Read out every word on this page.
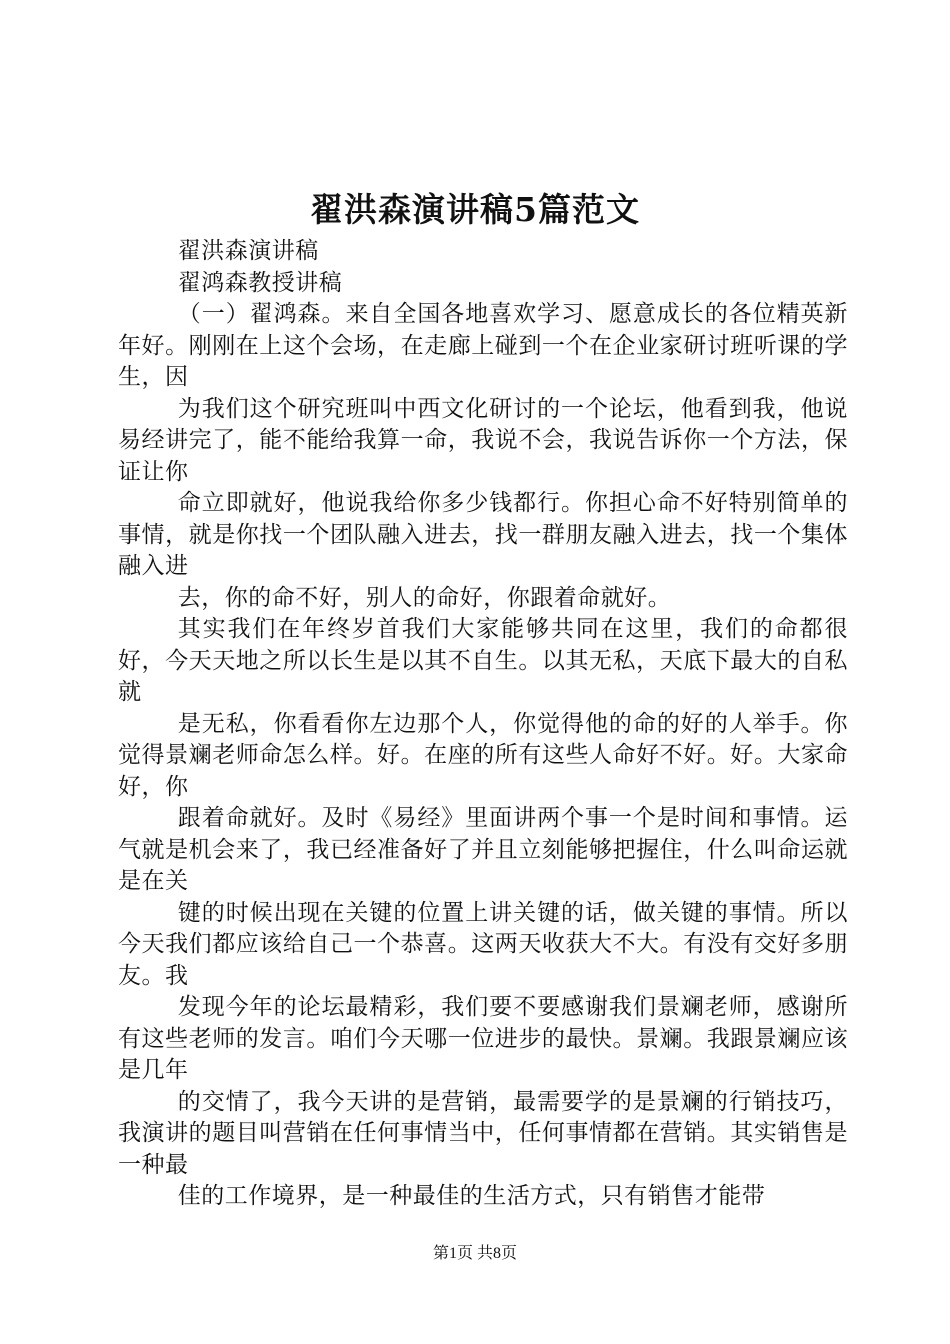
翟洪森演讲稿5篇范文

翟洪森演讲稿

翟鸿森教授讲稿

（一）翟鸿森。来自全国各地喜欢学习、愿意成长的各位精英新年好。刚刚在上这个会场，在走廊上碰到一个在企业家研讨班听课的学生，因

为我们这个研究班叫中西文化研讨的一个论坛，他看到我，他说易经讲完了，能不能给我算一命，我说不会，我说告诉你一个方法，保证让你

命立即就好，他说我给你多少钱都行。你担心命不好特别简单的事情，就是你找一个团队融入进去，找一群朋友融入进去，找一个集体融入进

去，你的命不好，别人的命好，你跟着命就好。

其实我们在年终岁首我们大家能够共同在这里，我们的命都很好，今天天地之所以长生是以其不自生。以其无私，天底下最大的自私就

是无私，你看看你左边那个人，你觉得他的命的好的人举手。你觉得景斓老师命怎么样。好。在座的所有这些人命好不好。好。大家命好，你

跟着命就好。及时《易经》里面讲两个事一个是时间和事情。运气就是机会来了，我已经准备好了并且立刻能够把握住，什么叫命运就是在关

键的时候出现在关键的位置上讲关键的话，做关键的事情。所以今天我们都应该给自己一个恭喜。这两天收获大不大。有没有交好多朋友。我

发现今年的论坛最精彩，我们要不要感谢我们景斓老师，感谢所有这些老师的发言。咱们今天哪一位进步的最快。景斓。我跟景斓应该是几年

的交情了，我今天讲的是营销，最需要学的是景斓的行销技巧，我演讲的题目叫营销在任何事情当中，任何事情都在营销。其实销售是一种最

佳的工作境界，是一种最佳的生活方式，只有销售才能带

第1页 共8页
